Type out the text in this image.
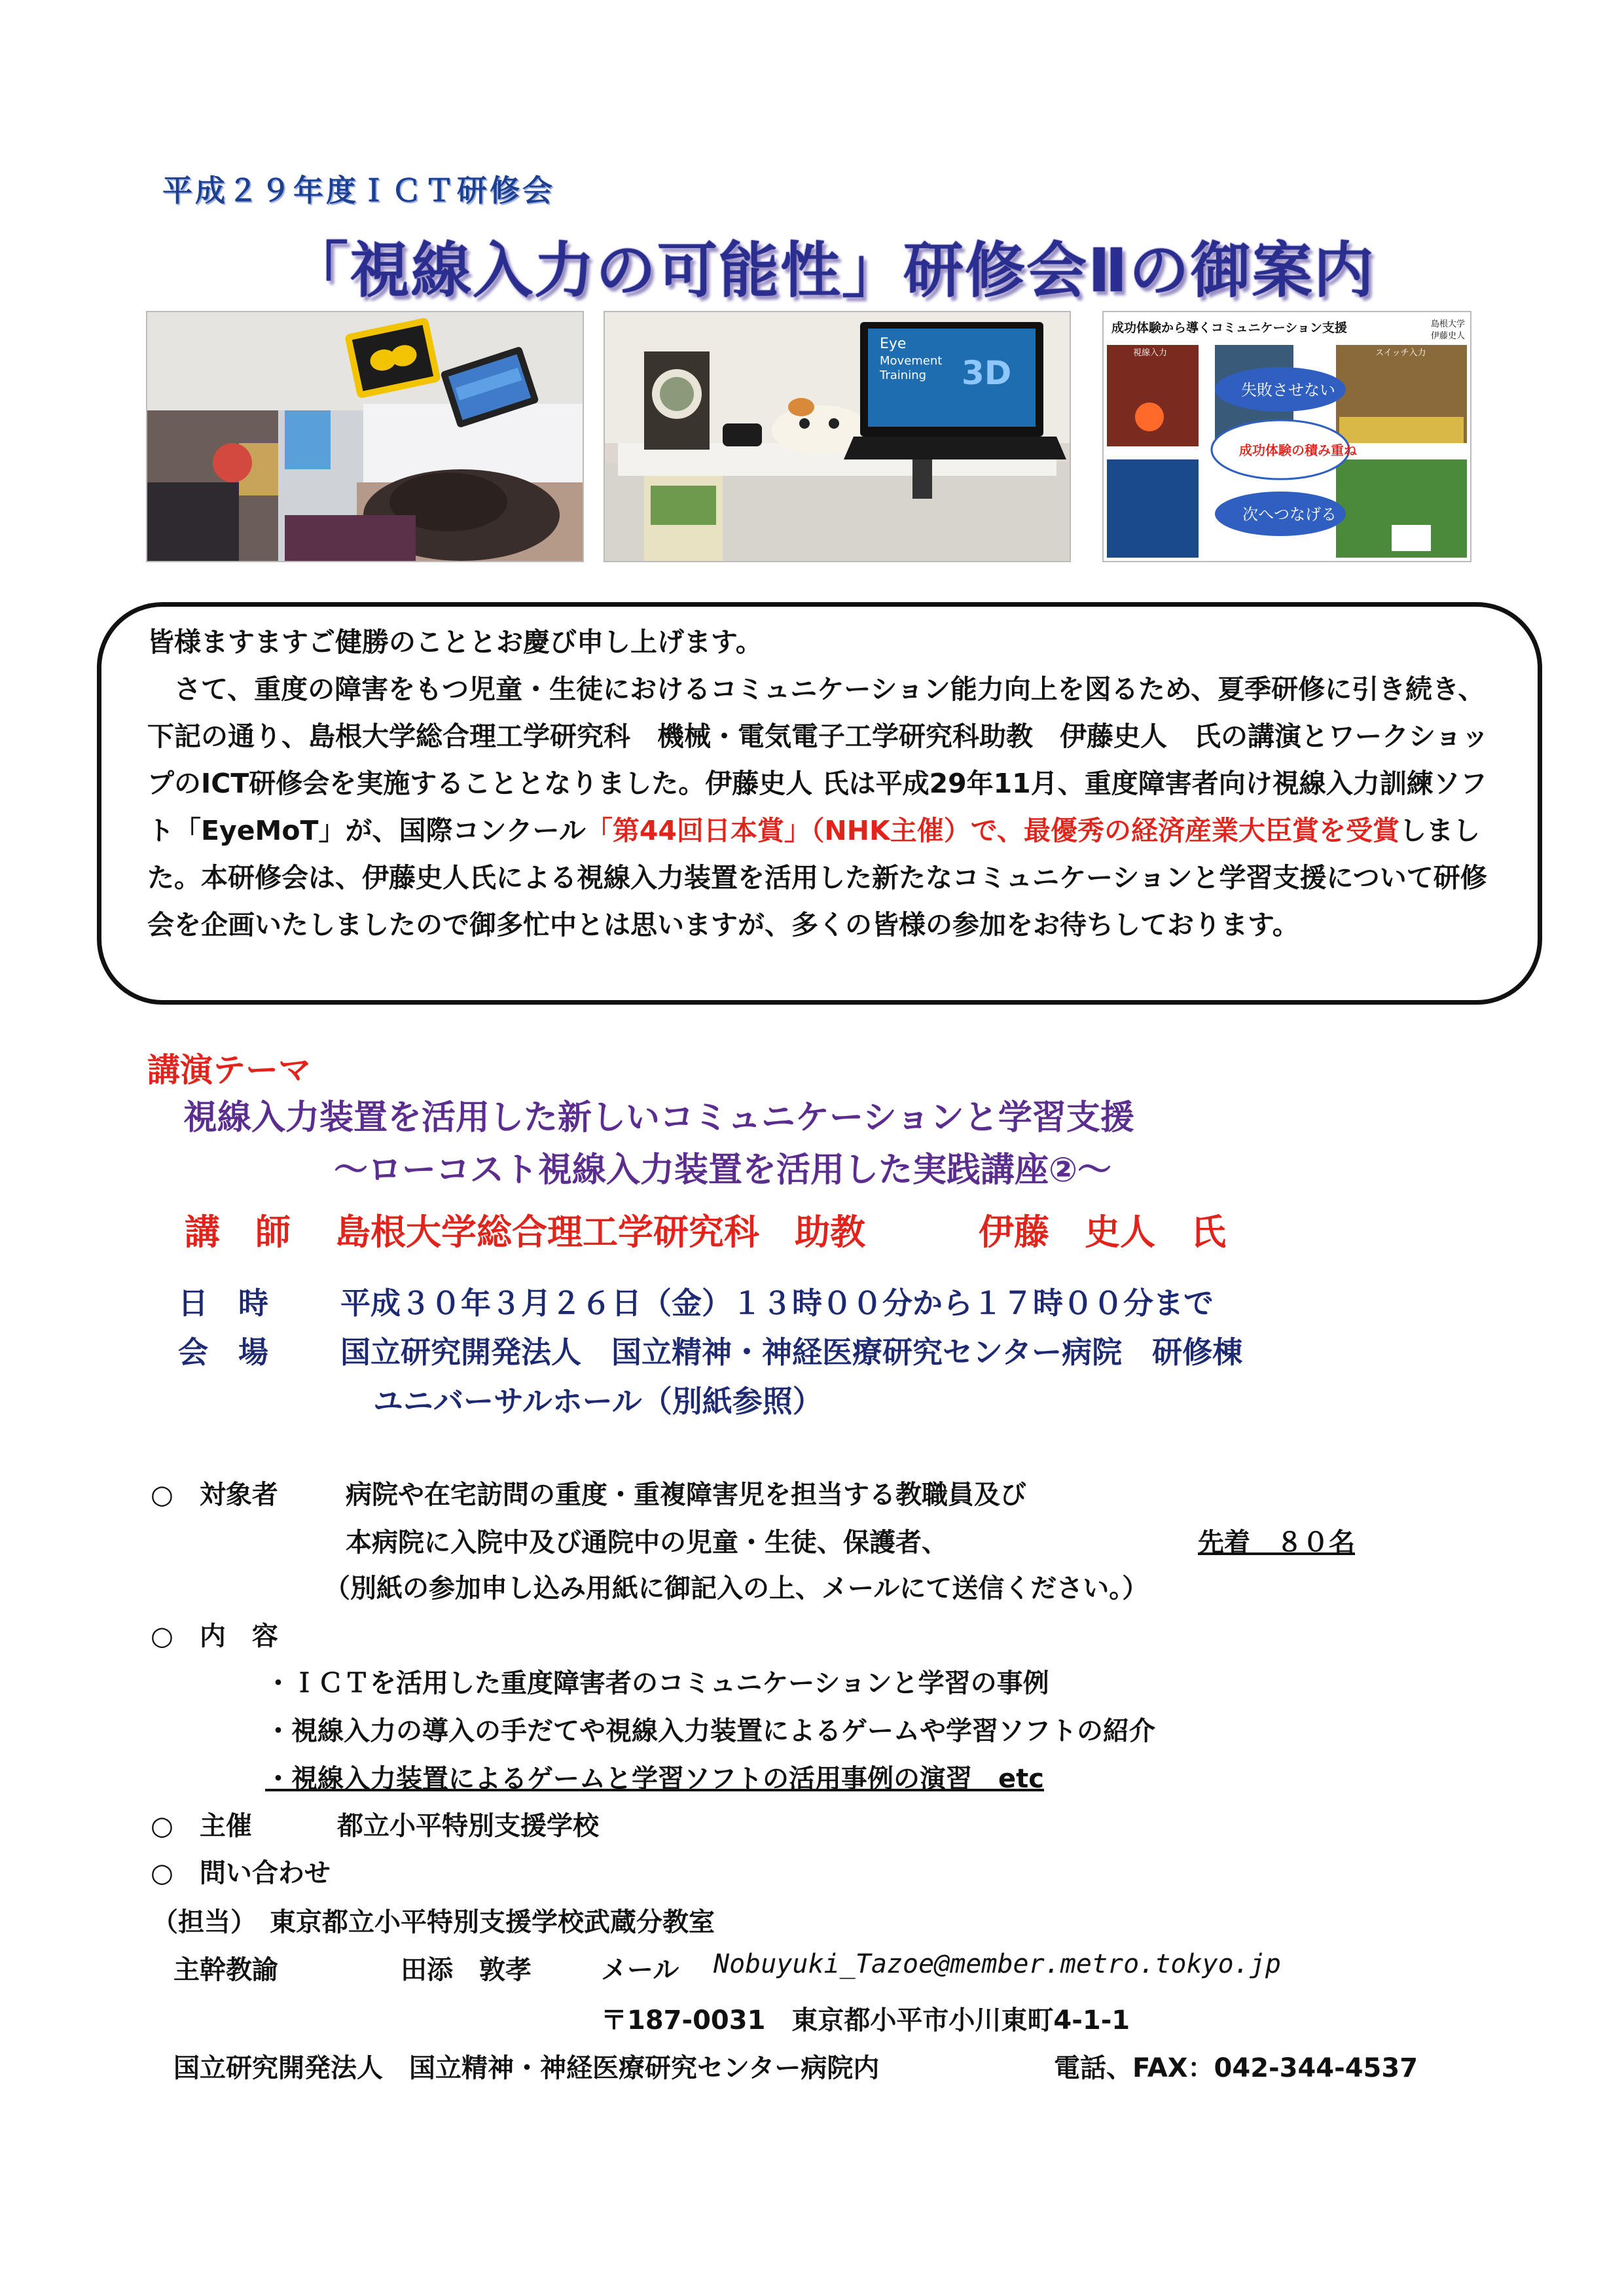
平成２９年度ＩＣＴ研修会
「視線入力の可能性」研修会Ⅱの御案内
Eye
Movement
Training 3D
成功体験から導くコミュニケーション支援	島根大学
伊藤史人
視線入力	スイッチ入力
失敗させない
成功体験の積み重ね
次へつなげる

皆様ますますご健勝のこととお慶び申し上げます。

　さて、重度の障害をもつ児童・生徒におけるコミュニケーション能力向上を図るため、夏季研修に引き続き、下記の通り、島根大学総合理工学研究科　機械・電気電子工学研究科助教　伊藤史人　氏の講演とワークショップのICT研修会を実施することとなりました。伊藤史人 氏は平成29年11月、重度障害者向け視線入力訓練ソフト「EyeMoT」が、国際コンクール「第44回日本賞」（NHK主催）で、最優秀の経済産業大臣賞を受賞しました。本研修会は、伊藤史人氏による視線入力装置を活用した新たなコミュニケーションと学習支援について研修会を企画いたしましたので御多忙中とは思いますが、多くの皆様の参加をお待ちしております。

講演テーマ
視線入力装置を活用した新しいコミュニケーションと学習支援
～ローコスト視線入力装置を活用した実践講座②～
講　師 島根大学総合理工学研究科　助教	伊藤　史人　氏
日　時 平成３０年３月２６日（金）１３時００分から１７時００分まで
会　場 国立研究開発法人　国立精神・神経医療研究センター病院　研修棟
ユニバーサルホール（別紙参照）
○　対象者	病院や在宅訪問の重度・重複障害児を担当する教職員及び
本病院に入院中及び通院中の児童・生徒、保護者、	先着　８０名
（別紙の参加申し込み用紙に御記入の上、メールにて送信ください。）
○　内　容
・ＩＣＴを活用した重度障害者のコミュニケーションと学習の事例
・視線入力の導入の手だてや視線入力装置によるゲームや学習ソフトの紹介
・視線入力装置によるゲームと学習ソフトの活用事例の演習　etc
○　主催	都立小平特別支援学校
○　問い合わせ
（担当）　東京都立小平特別支援学校武蔵分教室
主幹教諭	田添　敦孝	メール Nobuyuki_Tazoe@member.metro.tokyo.jp
〒187-0031　東京都小平市小川東町4-1-1
国立研究開発法人　国立精神・神経医療研究センター病院内	電話、FAX：042-344-4537
